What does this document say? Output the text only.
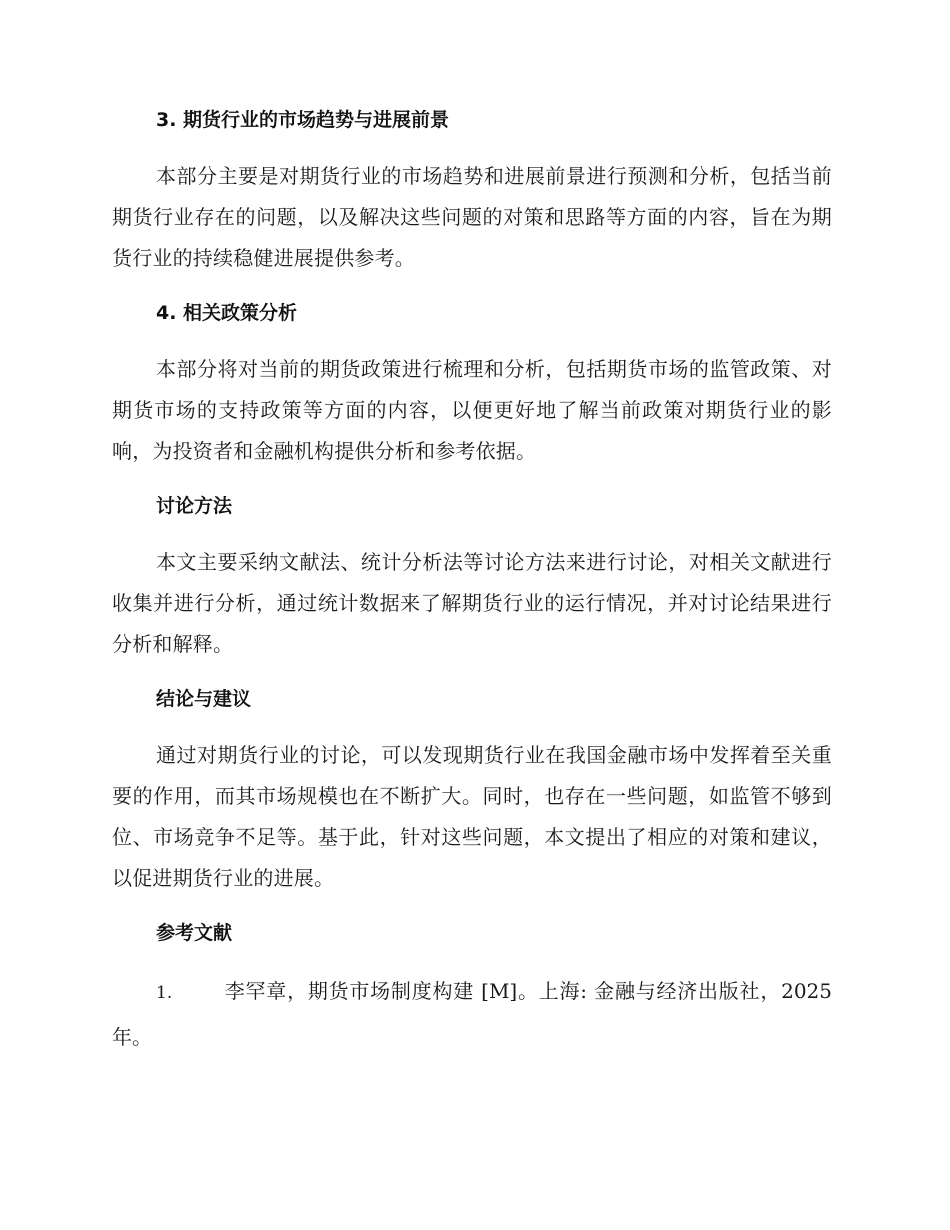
3. 期货行业的市场趋势与进展前景

本部分主要是对期货行业的市场趋势和进展前景进行预测和分析，包括当前期货行业存在的问题，以及解决这些问题的对策和思路等方面的内容，旨在为期货行业的持续稳健进展提供参考。

4. 相关政策分析

本部分将对当前的期货政策进行梳理和分析，包括期货市场的监管政策、对期货市场的支持政策等方面的内容，以便更好地了解当前政策对期货行业的影响，为投资者和金融机构提供分析和参考依据。

讨论方法

本文主要采纳文献法、统计分析法等讨论方法来进行讨论，对相关文献进行收集并进行分析，通过统计数据来了解期货行业的运行情况，并对讨论结果进行分析和解释。

结论与建议

通过对期货行业的讨论，可以发现期货行业在我国金融市场中发挥着至关重要的作用，而其市场规模也在不断扩大。同时，也存在一些问题，如监管不够到位、市场竞争不足等。基于此，针对这些问题，本文提出了相应的对策和建议，以促进期货行业的进展。

参考文献

1.	李罕章，期货市场制度构建 [M]。上海: 金融与经济出版社，2025年。
